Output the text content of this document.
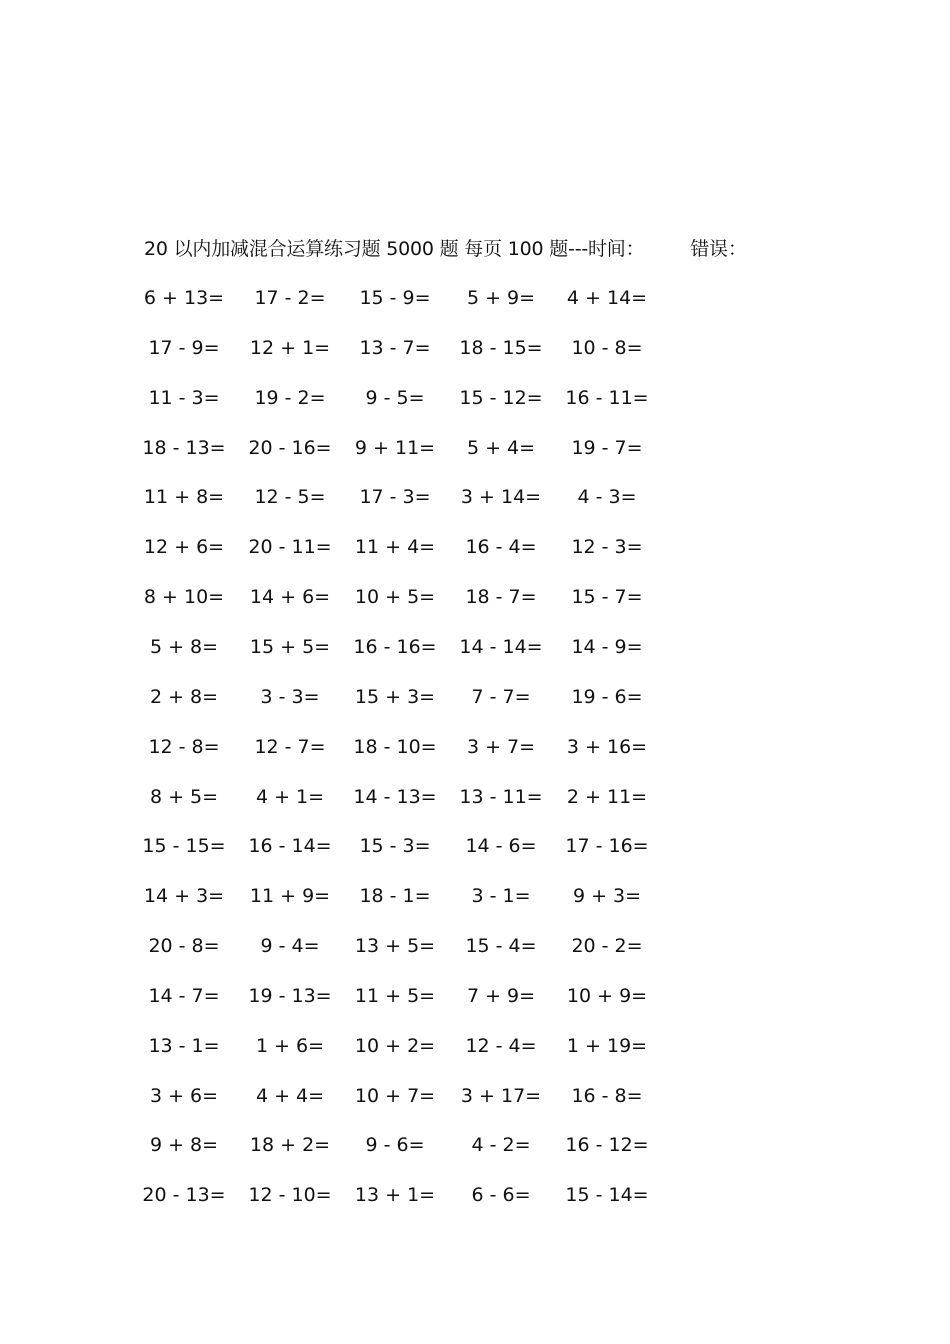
20 以内加减混合运算练习题 5000 题 每页 100 题---时间： 错误：
6 + 13=	17 - 2=	15 - 9=	5 + 9=	4 + 14=
17 - 9=	12 + 1=	13 - 7=	18 - 15=	10 - 8=
11 - 3=	19 - 2=	9 - 5=	15 - 12=	16 - 11=
18 - 13=	20 - 16=	9 + 11=	5 + 4=	19 - 7=
11 + 8=	12 - 5=	17 - 3=	3 + 14=	4 - 3=
12 + 6=	20 - 11=	11 + 4=	16 - 4=	12 - 3=
8 + 10=	14 + 6=	10 + 5=	18 - 7=	15 - 7=
5 + 8=	15 + 5=	16 - 16=	14 - 14=	14 - 9=
2 + 8=	3 - 3=	15 + 3=	7 - 7=	19 - 6=
12 - 8=	12 - 7=	18 - 10=	3 + 7=	3 + 16=
8 + 5=	4 + 1=	14 - 13=	13 - 11=	2 + 11=
15 - 15=	16 - 14=	15 - 3=	14 - 6=	17 - 16=
14 + 3=	11 + 9=	18 - 1=	3 - 1=	9 + 3=
20 - 8=	9 - 4=	13 + 5=	15 - 4=	20 - 2=
14 - 7=	19 - 13=	11 + 5=	7 + 9=	10 + 9=
13 - 1=	1 + 6=	10 + 2=	12 - 4=	1 + 19=
3 + 6=	4 + 4=	10 + 7=	3 + 17=	16 - 8=
9 + 8=	18 + 2=	9 - 6=	4 - 2=	16 - 12=
20 - 13=	12 - 10=	13 + 1=	6 - 6=	15 - 14=
